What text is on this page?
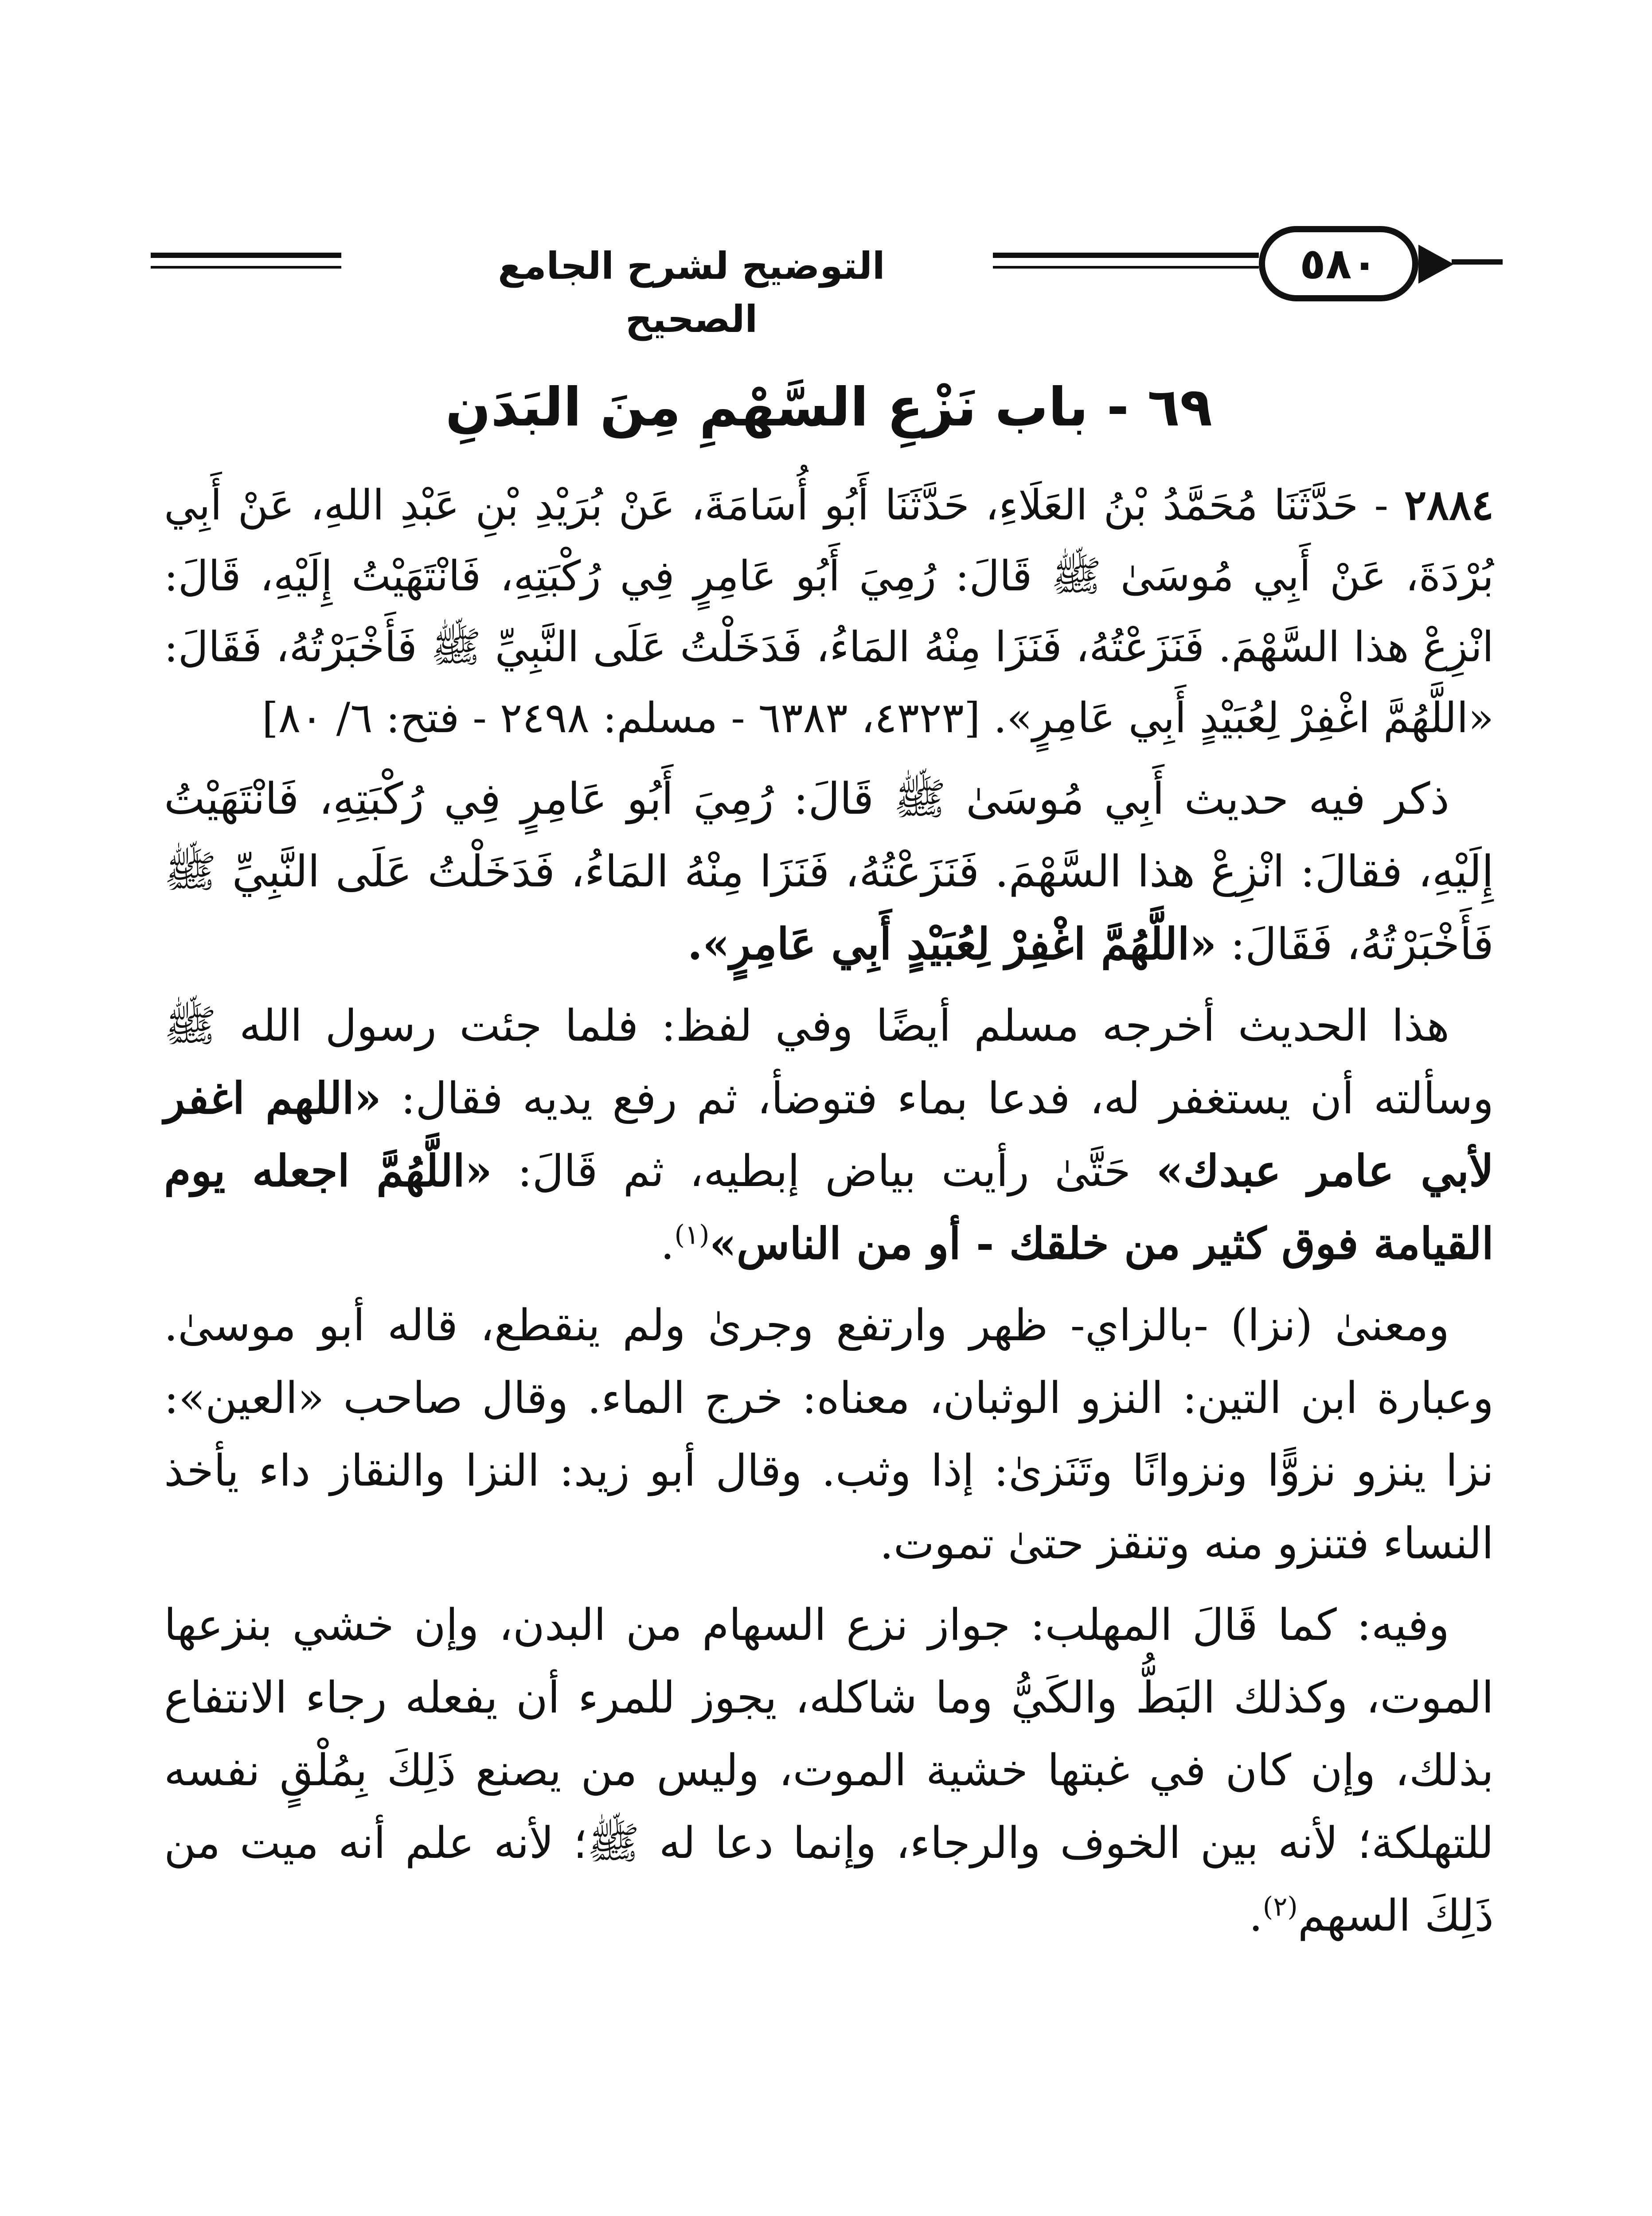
التوضيح لشرح الجامع الصحيح
٥٨٠
٦٩ - باب نَزْعِ السَّهْمِ مِنَ البَدَنِ

٢٨٨٤ - حَدَّثَنَا مُحَمَّدُ بْنُ العَلَاءِ، حَدَّثَنَا أَبُو أُسَامَةَ، عَنْ بُرَيْدِ بْنِ عَبْدِ اللهِ، عَنْ أَبِي بُرْدَةَ، عَنْ أَبِي مُوسَىٰ ﷺ قَالَ: رُمِيَ أَبُو عَامِرٍ فِي رُكْبَتِهِ، فَانْتَهَيْتُ إِلَيْهِ، قَالَ: انْزِعْ هذا السَّهْمَ. فَنَزَعْتُهُ، فَنَزَا مِنْهُ المَاءُ، فَدَخَلْتُ عَلَى النَّبِيِّ ﷺ فَأَخْبَرْتُهُ، فَقَالَ: «اللَّهُمَّ اغْفِرْ لِعُبَيْدٍ أَبِي عَامِرٍ». [٤٣٢٣، ٦٣٨٣ - مسلم: ٢٤٩٨ - فتح: ٦/ ٨٠]

ذكر فيه حديث أَبِي مُوسَىٰ ﷺ قَالَ: رُمِيَ أَبُو عَامِرٍ فِي رُكْبَتِهِ، فَانْتَهَيْتُ إِلَيْهِ، فقالَ: انْزِعْ هذا السَّهْمَ. فَنَزَعْتُهُ، فَنَزَا مِنْهُ المَاءُ، فَدَخَلْتُ عَلَى النَّبِيِّ ﷺ فَأَخْبَرْتُهُ، فَقَالَ: «اللَّهُمَّ اغْفِرْ لِعُبَيْدٍ أَبِي عَامِرٍ».

هذا الحديث أخرجه مسلم أيضًا وفي لفظ: فلما جئت رسول الله ﷺ وسألته أن يستغفر له، فدعا بماء فتوضأ، ثم رفع يديه فقال: «اللهم اغفر لأبي عامر عبدك» حَتَّىٰ رأيت بياض إبطيه، ثم قَالَ: «اللَّهُمَّ اجعله يوم القيامة فوق كثير من خلقك - أو من الناس»$^{(١)}$.

ومعنىٰ (نزا) -بالزاي- ظهر وارتفع وجرىٰ ولم ينقطع، قاله أبو موسىٰ. وعبارة ابن التين: النزو الوثبان، معناه: خرج الماء. وقال صاحب «العين»: نزا ينزو نزوًّا ونزوانًا وتَنَزىٰ: إذا وثب. وقال أبو زيد: النزا والنقاز داء يأخذ النساء فتنزو منه وتنقز حتىٰ تموت.

وفيه: كما قَالَ المهلب: جواز نزع السهام من البدن، وإن خشي بنزعها الموت، وكذلك البَطُّ والكَيُّ وما شاكله، يجوز للمرء أن يفعله رجاء الانتفاع بذلك، وإن كان في غبتها خشية الموت، وليس من يصنع ذَلِكَ بِمُلْقٍ نفسه للتهلكة؛ لأنه بين الخوف والرجاء، وإنما دعا له ﷺ؛ لأنه علم أنه ميت من ذَلِكَ السهم$^{(٢)}$.
